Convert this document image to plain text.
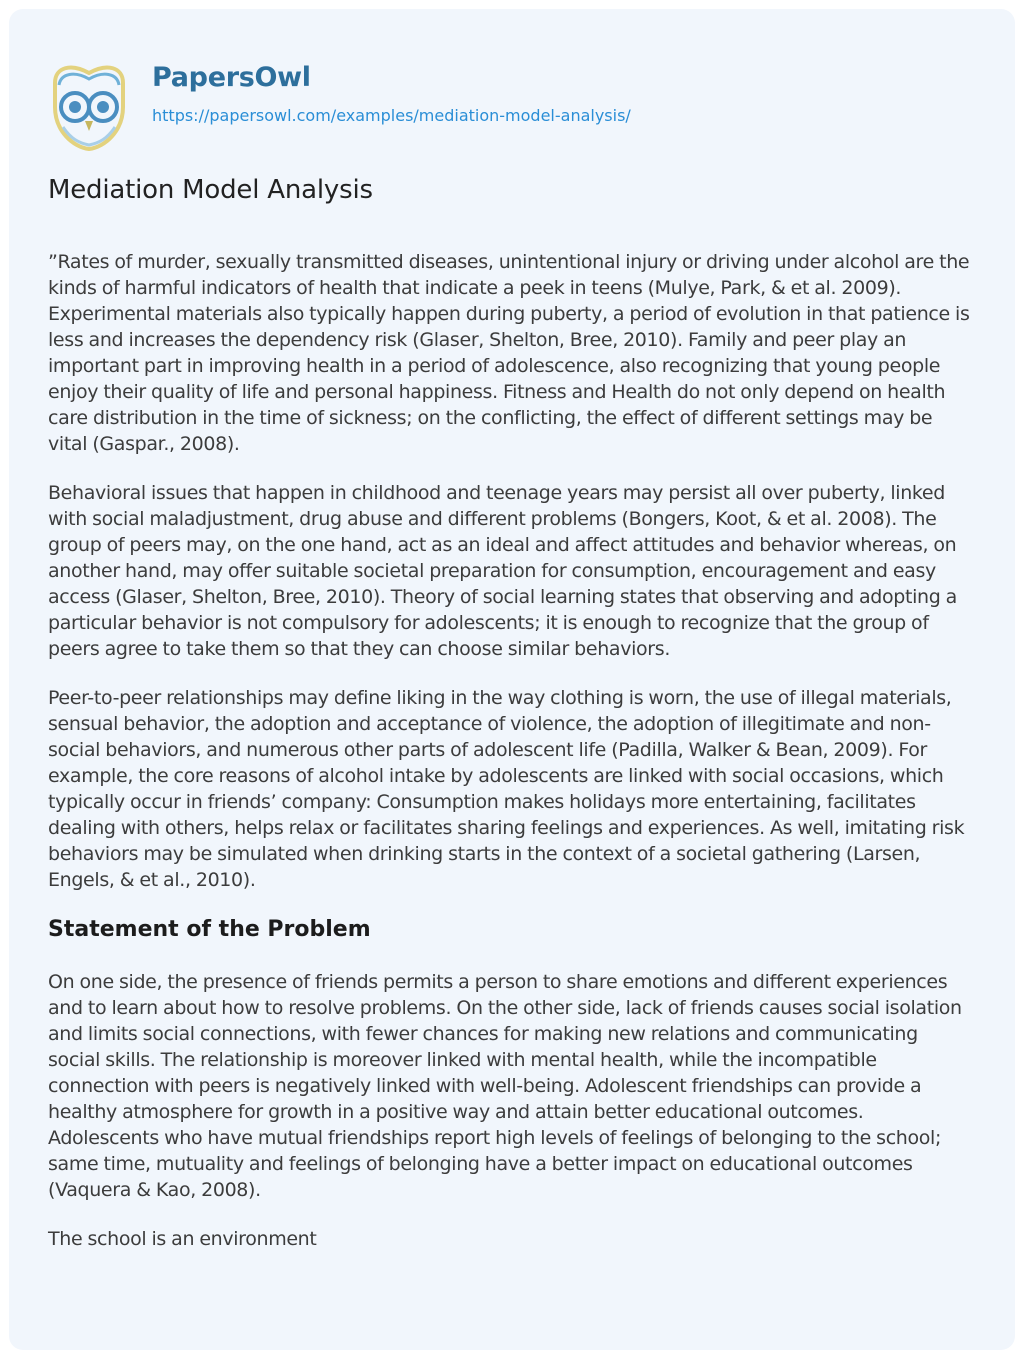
PapersOwl
https://papersowl.com/examples/mediation-model-analysis/
Mediation Model Analysis

”Rates of murder, sexually transmitted diseases, unintentional injury or driving under alcohol are the kinds of harmful indicators of health that indicate a peek in teens (Mulye, Park, & et al. 2009). Experimental materials also typically happen during puberty, a period of evolution in that patience is less and increases the dependency risk (Glaser, Shelton, Bree, 2010). Family and peer play an important part in improving health in a period of adolescence, also recognizing that young people enjoy their quality of life and personal happiness. Fitness and Health do not only depend on health care distribution in the time of sickness; on the conflicting, the effect of different settings may be vital (Gaspar., 2008).

Behavioral issues that happen in childhood and teenage years may persist all over puberty, linked with social maladjustment, drug abuse and different problems (Bongers, Koot, & et al. 2008). The group of peers may, on the one hand, act as an ideal and affect attitudes and behavior whereas, on another hand, may offer suitable societal preparation for consumption, encouragement and easy access (Glaser, Shelton, Bree, 2010). Theory of social learning states that observing and adopting a particular behavior is not compulsory for adolescents; it is enough to recognize that the group of peers agree to take them so that they can choose similar behaviors.

Peer-to-peer relationships may define liking in the way clothing is worn, the use of illegal materials, sensual behavior, the adoption and acceptance of violence, the adoption of illegitimate and non-social behaviors, and numerous other parts of adolescent life (Padilla, Walker & Bean, 2009). For example, the core reasons of alcohol intake by adolescents are linked with social occasions, which typically occur in friends’ company: Consumption makes holidays more entertaining, facilitates dealing with others, helps relax or facilitates sharing feelings and experiences. As well, imitating risk behaviors may be simulated when drinking starts in the context of a societal gathering (Larsen, Engels, & et al., 2010).

Statement of the Problem

On one side, the presence of friends permits a person to share emotions and different experiences and to learn about how to resolve problems. On the other side, lack of friends causes social isolation and limits social connections, with fewer chances for making new relations and communicating social skills. The relationship is moreover linked with mental health, while the incompatible connection with peers is negatively linked with well-being. Adolescent friendships can provide a healthy atmosphere for growth in a positive way and attain better educational outcomes. Adolescents who have mutual friendships report high levels of feelings of belonging to the school; same time, mutuality and feelings of belonging have a better impact on educational outcomes (Vaquera & Kao, 2008).

The school is an environment
